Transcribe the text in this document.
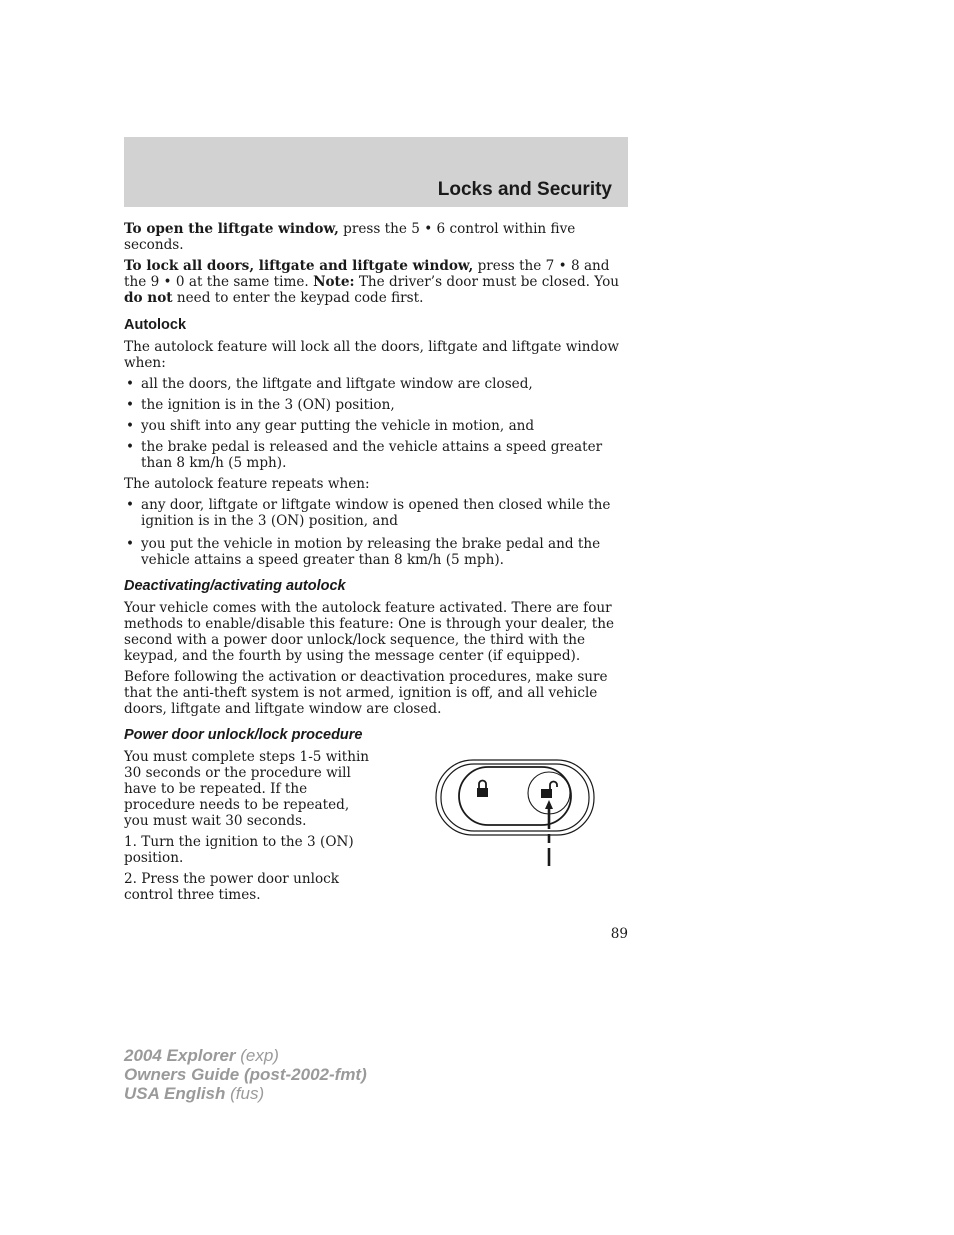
Locks and Security

To open the liftgate window, press the 5 • 6 control within five seconds.

To lock all doors, liftgate and liftgate window, press the 7 • 8 and the 9 • 0 at the same time. Note: The driver’s door must be closed. You do not need to enter the keypad code first.

Autolock

The autolock feature will lock all the doors, liftgate and liftgate window when:

• all the doors, the liftgate and liftgate window are closed,
• the ignition is in the 3 (ON) position,
• you shift into any gear putting the vehicle in motion, and
• the brake pedal is released and the vehicle attains a speed greater than 8 km/h (5 mph).

The autolock feature repeats when:

• any door, liftgate or liftgate window is opened then closed while the ignition is in the 3 (ON) position, and
• you put the vehicle in motion by releasing the brake pedal and the vehicle attains a speed greater than 8 km/h (5 mph).
Deactivating/activating autolock

Your vehicle comes with the autolock feature activated. There are four methods to enable/disable this feature: One is through your dealer, the second with a power door unlock/lock sequence, the third with the keypad, and the fourth by using the message center (if equipped).

Before following the activation or deactivation procedures, make sure that the anti-theft system is not armed, ignition is off, and all vehicle doors, liftgate and liftgate window are closed.

Power door unlock/lock procedure

You must complete steps 1-5 within 30 seconds or the procedure will have to be repeated. If the procedure needs to be repeated, you must wait 30 seconds.

1. Turn the ignition to the 3 (ON) position.

2. Press the power door unlock control three times.

89
2004 Explorer (exp)
Owners Guide (post-2002-fmt)
USA English (fus)
